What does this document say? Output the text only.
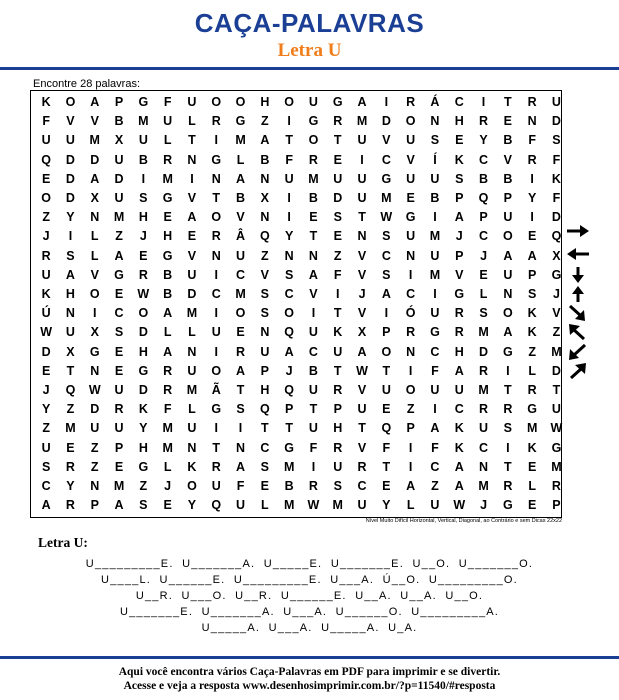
CAÇA-PALAVRAS
Letra U
Encontre 28 palavras:
K	O	A	P	G	F	U	O	O	H	O	U	G	A	I	R	Á	C	I	T	R	U
F	V	V	B	M	U	L	R	G	Z	I	G	R	M	D	O	N	H	R	E	N	D
U	U	M	X	U	L	T	I	M	A	T	O	T	U	V	U	S	E	Y	B	F	S
Q	D	D	U	B	R	N	G	L	B	F	R	E	I	C	V	Í	K	C	V	R	F
E	D	A	D	I	M	I	N	A	N	U	M	U	U	G	U	U	S	B	B	I	K
O	D	X	U	S	G	V	T	B	X	I	B	D	U	M	E	B	P	Q	P	Y	F
Z	Y	N	M	H	E	A	O	V	N	I	E	S	T	W	G	I	A	P	U	I	D
J	I	L	Z	J	H	E	R	Â	Q	Y	T	E	N	S	U	M	J	C	O	E	Q
R	S	L	A	E	G	V	N	U	Z	N	N	Z	V	C	N	U	P	J	A	A	X
U	A	V	G	R	B	U	I	C	V	S	A	F	V	S	I	M	V	E	U	P	G
K	H	O	E	W	B	D	C	M	S	C	V	I	J	A	C	I	G	L	N	S	J
Ú	N	I	C	O	A	M	I	O	S	O	I	T	V	I	Ó	U	R	S	O	K	V
W	U	X	S	D	L	L	U	E	N	Q	U	K	X	P	R	G	R	M	A	K	Z
D	X	G	E	H	A	N	I	R	U	A	C	U	A	O	N	C	H	D	G	Z	M
E	T	N	E	G	R	U	O	A	P	J	B	T	W	T	I	F	A	R	I	L	D
J	Q	W	U	D	R	M	Ã	T	H	Q	U	R	V	U	O	U	U	M	T	R	T
Y	Z	D	R	K	F	L	G	S	Q	P	T	P	U	E	Z	I	C	R	R	G	U
Z	M	U	U	Y	M	U	I	I	T	T	U	H	T	Q	P	A	K	U	S	M	W
U	E	Z	P	H	M	N	T	N	C	G	F	R	V	F	I	F	K	C	I	K	G
S	R	Z	E	G	L	K	R	A	S	M	I	U	R	T	I	C	A	N	T	E	M
C	Y	N	M	Z	J	O	U	F	E	B	R	S	C	E	A	Z	A	M	R	L	R
A	R	P	A	S	E	Y	Q	U	L	M	W	M	U	Y	L	U	W	J	G	E	P
Nível Muito Difícil Horizontal, Vertical, Diagonal, ao Contrário e sem Dicas 22x22
Letra U:
U_________E.  U_______A.  U_____E.  U_______E.  U__O.  U_______O.
U____L.  U______E.  U_________E.  U___A.  Ú__O.  U_________O.
U__R.  U___O.  U__R.  U______E.  U__A.  U__A.  U__O.
U_______E.  U_______A.  U___A.  U______O.  U_________A.
U_____A.  U___A.  U_____A.  U_A.
Aqui você encontra vários Caça-Palavras em PDF para imprimir e se divertir.
Acesse e veja a resposta www.desenhosimprimir.com.br/?p=11540/#resposta
